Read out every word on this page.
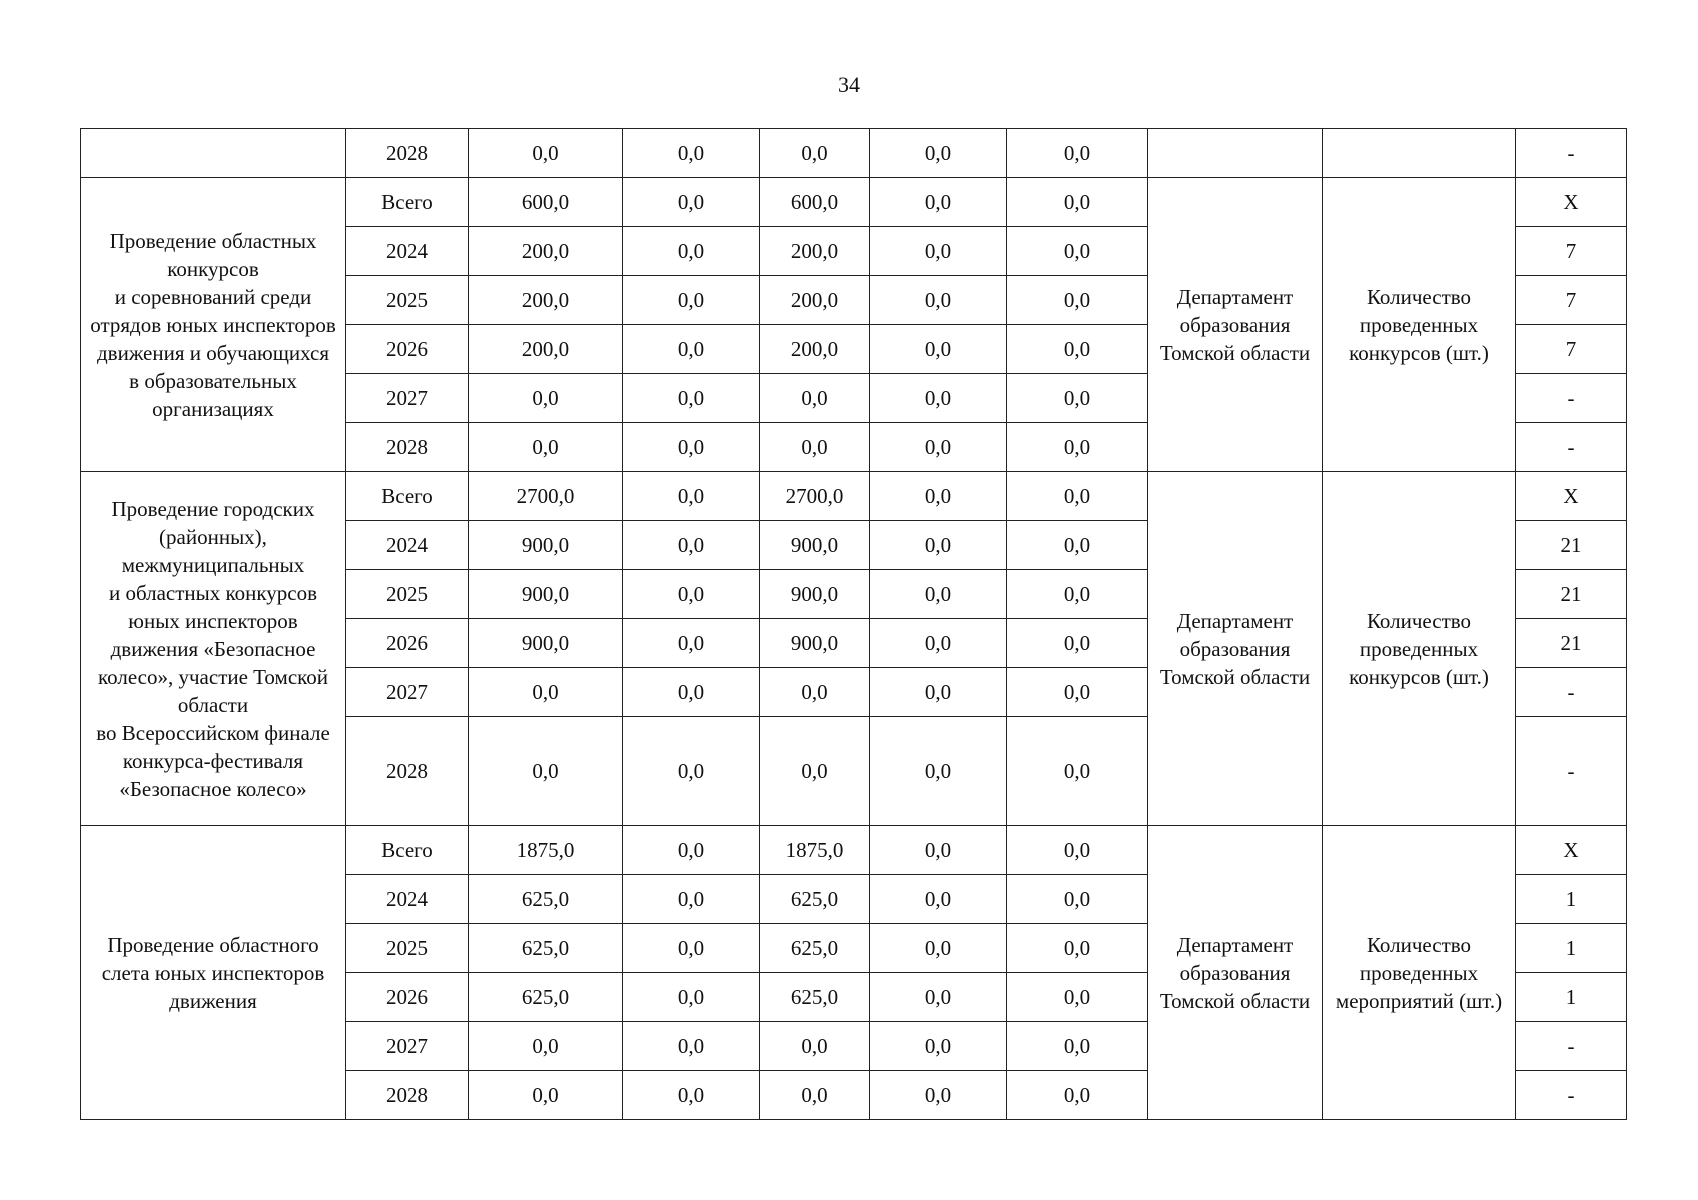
34
	2028	0,0	0,0	0,0	0,0	0,0			-
Проведение областных конкурсов
и соревнований среди отрядов юных инспекторов движения и обучающихся
в образовательных организациях	Всего	600,0	0,0	600,0	0,0	0,0	Департамент образования Томской области	Количество проведенных конкурсов (шт.)	X
	2024	200,0	0,0	200,0	0,0	0,0			7
	2025	200,0	0,0	200,0	0,0	0,0			7
	2026	200,0	0,0	200,0	0,0	0,0			7
	2027	0,0	0,0	0,0	0,0	0,0			-
	2028	0,0	0,0	0,0	0,0	0,0			-
Проведение городских (районных), межмуниципальных
и областных конкурсов юных инспекторов движения «Безопасное колесо», участие Томской области
во Всероссийском финале конкурса-фестиваля «Безопасное колесо»	Всего	2700,0	0,0	2700,0	0,0	0,0	Департамент образования Томской области	Количество проведенных конкурсов (шт.)	X
	2024	900,0	0,0	900,0	0,0	0,0			21
	2025	900,0	0,0	900,0	0,0	0,0			21
	2026	900,0	0,0	900,0	0,0	0,0			21
	2027	0,0	0,0	0,0	0,0	0,0			-
	2028	0,0	0,0	0,0	0,0	0,0			-
Проведение областного слета юных инспекторов движения	Всего	1875,0	0,0	1875,0	0,0	0,0	Департамент образования Томской области	Количество проведенных мероприятий (шт.)	X
	2024	625,0	0,0	625,0	0,0	0,0			1
	2025	625,0	0,0	625,0	0,0	0,0			1
	2026	625,0	0,0	625,0	0,0	0,0			1
	2027	0,0	0,0	0,0	0,0	0,0			-
	2028	0,0	0,0	0,0	0,0	0,0			-
